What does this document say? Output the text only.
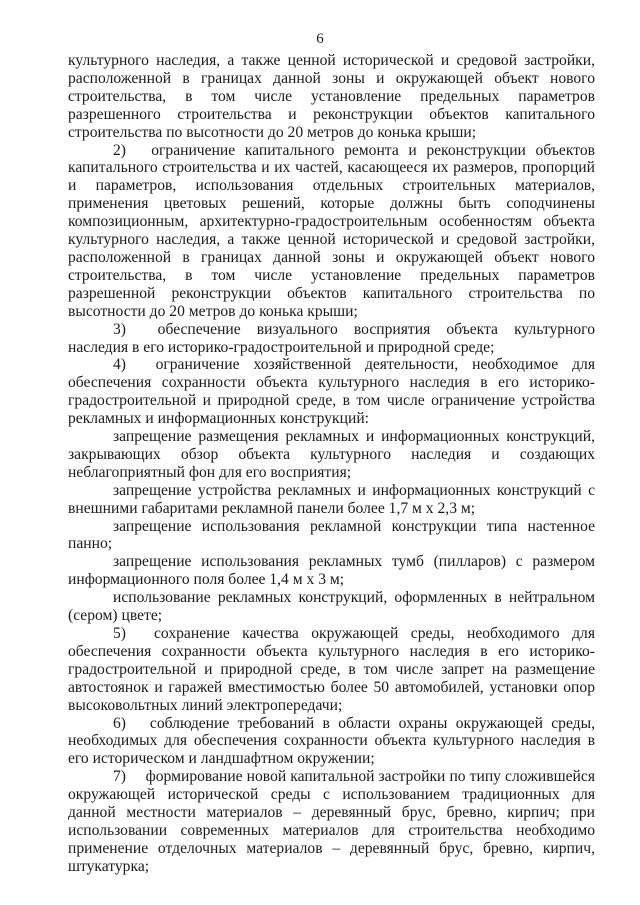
6

культурного наследия, а также ценной исторической и средовой застройки, расположенной в границах данной зоны и окружающей объект нового строительства, в том числе установление предельных параметров разрешенного строительства и реконструкции объектов капитального строительства по высотности до 20 метров до конька крыши;

2)  ограничение капитального ремонта и реконструкции объектов капитального строительства и их частей, касающееся их размеров, пропорций и параметров, использования отдельных строительных материалов, применения цветовых решений, которые должны быть соподчинены композиционным, архитектурно-градостроительным особенностям объекта культурного наследия, а также ценной исторической и средовой застройки, расположенной в границах данной зоны и окружающей объект нового строительства, в том числе установление предельных параметров разрешенной реконструкции объектов капитального строительства по высотности до 20 метров до конька крыши;

3)  обеспечение визуального восприятия объекта культурного наследия в его историко-градостроительной и природной среде;

4)  ограничение хозяйственной деятельности, необходимое для обеспечения сохранности объекта культурного наследия в его историко-градостроительной и природной среде, в том числе ограничение устройства рекламных и информационных конструкций:

запрещение размещения рекламных и информационных конструкций, закрывающих обзор объекта культурного наследия и создающих неблагоприятный фон для его восприятия;

запрещение устройства рекламных и информационных конструкций с внешними габаритами рекламной панели более 1,7 м х 2,3 м;

запрещение использования рекламной конструкции типа настенное панно;

запрещение использования рекламных тумб (пилларов) с размером информационного поля более 1,4 м х 3 м;

использование рекламных конструкций, оформленных в нейтральном (сером) цвете;

5)  сохранение качества окружающей среды, необходимого для обеспечения сохранности объекта культурного наследия в его историко-градостроительной и природной среде, в том числе запрет на размещение автостоянок и гаражей вместимостью более 50 автомобилей, установки опор высоковольтных линий электропередачи;

6)  соблюдение требований в области охраны окружающей среды, необходимых для обеспечения сохранности объекта культурного наследия в его историческом и ландшафтном окружении;

7)  формирование новой капитальной застройки по типу сложившейся окружающей исторической среды с использованием традиционных для данной местности материалов – деревянный брус, бревно, кирпич; при использовании современных материалов для строительства необходимо применение отделочных материалов – деревянный брус, бревно, кирпич, штукатурка;
